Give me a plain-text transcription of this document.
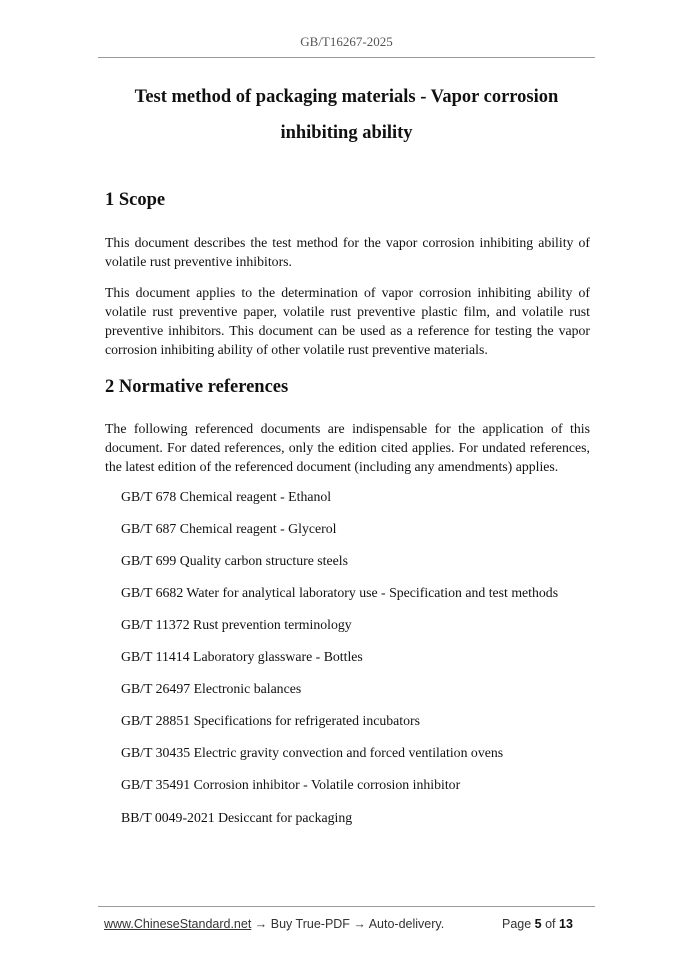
GB/T16267-2025
Test method of packaging materials - Vapor corrosion
inhibiting ability
1 Scope
This document describes the test method for the vapor corrosion inhibiting ability of volatile rust preventive inhibitors.
This document applies to the determination of vapor corrosion inhibiting ability of volatile rust preventive paper, volatile rust preventive plastic film, and volatile rust preventive inhibitors. This document can be used as a reference for testing the vapor corrosion inhibiting ability of other volatile rust preventive materials.
2 Normative references
The following referenced documents are indispensable for the application of this document. For dated references, only the edition cited applies. For undated references, the latest edition of the referenced document (including any amendments) applies.
GB/T 678 Chemical reagent - Ethanol
GB/T 687 Chemical reagent - Glycerol
GB/T 699 Quality carbon structure steels
GB/T 6682 Water for analytical laboratory use - Specification and test methods
GB/T 11372 Rust prevention terminology
GB/T 11414 Laboratory glassware - Bottles
GB/T 26497 Electronic balances
GB/T 28851 Specifications for refrigerated incubators
GB/T 30435 Electric gravity convection and forced ventilation ovens
GB/T 35491 Corrosion inhibitor - Volatile corrosion inhibitor
BB/T 0049-2021 Desiccant for packaging
www.ChineseStandard.net → Buy True-PDF → Auto-delivery.	Page 5 of 13
